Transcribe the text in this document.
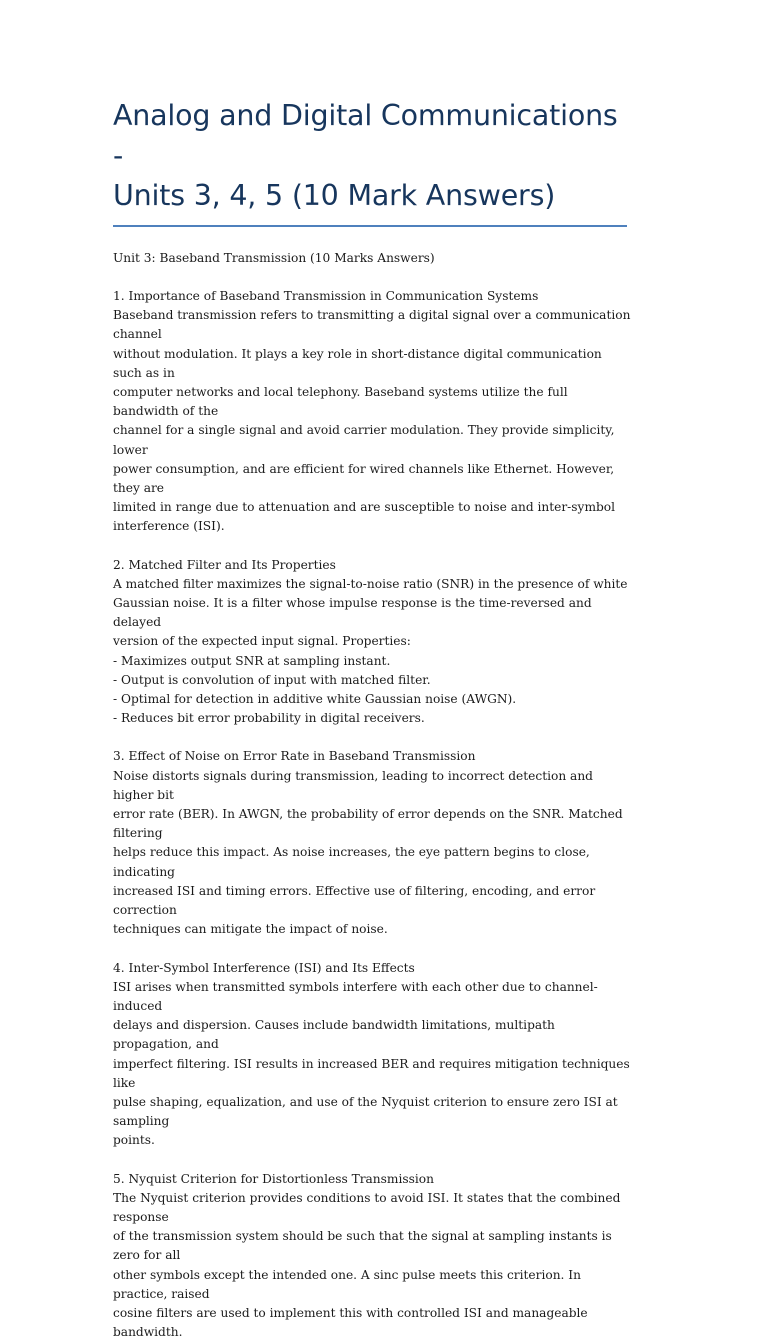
Analog and Digital Communications -
Units 3, 4, 5 (10 Mark Answers)
Unit 3: Baseband Transmission (10 Marks Answers)

1. Importance of Baseband Transmission in Communication Systems

Baseband transmission refers to transmitting a digital signal over a communication channel
without modulation. It plays a key role in short-distance digital communication such as in
computer networks and local telephony. Baseband systems utilize the full bandwidth of the
channel for a single signal and avoid carrier modulation. They provide simplicity, lower
power consumption, and are efficient for wired channels like Ethernet. However, they are
limited in range due to attenuation and are susceptible to noise and inter-symbol
interference (ISI).

2. Matched Filter and Its Properties

A matched filter maximizes the signal-to-noise ratio (SNR) in the presence of white
Gaussian noise. It is a filter whose impulse response is the time-reversed and delayed
version of the expected input signal. Properties:
- Maximizes output SNR at sampling instant.
- Output is convolution of input with matched filter.
- Optimal for detection in additive white Gaussian noise (AWGN).
- Reduces bit error probability in digital receivers.

3. Effect of Noise on Error Rate in Baseband Transmission

Noise distorts signals during transmission, leading to incorrect detection and higher bit
error rate (BER). In AWGN, the probability of error depends on the SNR. Matched filtering
helps reduce this impact. As noise increases, the eye pattern begins to close, indicating
increased ISI and timing errors. Effective use of filtering, encoding, and error correction
techniques can mitigate the impact of noise.

4. Inter-Symbol Interference (ISI) and Its Effects

ISI arises when transmitted symbols interfere with each other due to channel-induced
delays and dispersion. Causes include bandwidth limitations, multipath propagation, and
imperfect filtering. ISI results in increased BER and requires mitigation techniques like
pulse shaping, equalization, and use of the Nyquist criterion to ensure zero ISI at sampling
points.

5. Nyquist Criterion for Distortionless Transmission

The Nyquist criterion provides conditions to avoid ISI. It states that the combined response
of the transmission system should be such that the signal at sampling instants is zero for all
other symbols except the intended one. A sinc pulse meets this criterion. In practice, raised
cosine filters are used to implement this with controlled ISI and manageable bandwidth.
